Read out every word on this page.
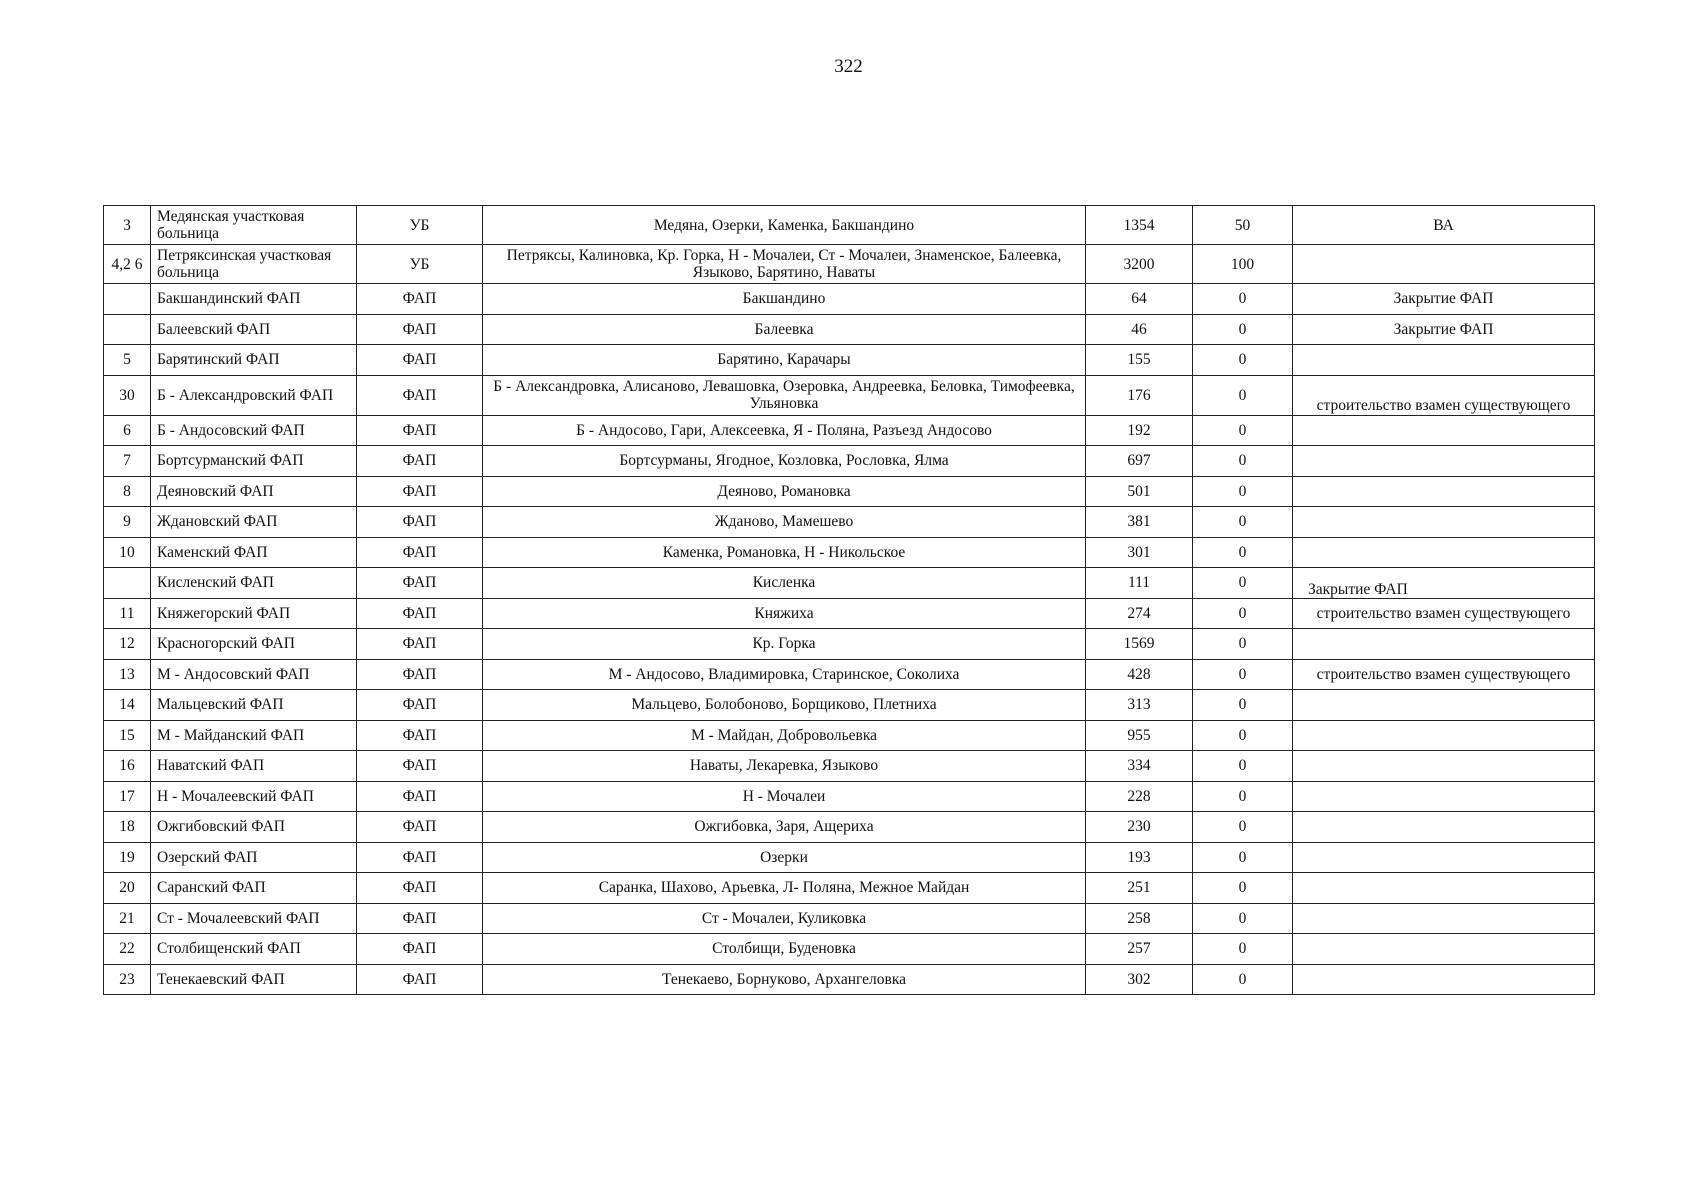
322
3	Медянская участковая больница	УБ	Медяна, Озерки, Каменка, Бакшандино	1354	50	ВА
4,2 6	Петряксинская участковая больница	УБ	Петряксы, Калиновка, Кр. Горка, Н - Мочалеи, Ст - Мочалеи, Знаменское, Балеевка, Языково, Барятино, Наваты	3200	100	
	Бакшандинский ФАП	ФАП	Бакшандино	64	0	Закрытие ФАП
	Балеевский ФАП	ФАП	Балеевка	46	0	Закрытие ФАП
5	Барятинский ФАП	ФАП	Барятино, Карачары	155	0	
30	Б - Александровский ФАП	ФАП	Б - Александровка, Алисаново, Левашовка, Озеровка, Андреевка, Беловка, Тимофеевка, Ульяновка	176	0	строительство взамен существующего
6	Б - Андосовский ФАП	ФАП	Б - Андосово, Гари, Алексеевка, Я - Поляна, Разъезд Андосово	192	0	
7	Бортсурманский ФАП	ФАП	Бортсурманы, Ягодное, Козловка, Рословка, Ялма	697	0	
8	Деяновский ФАП	ФАП	Деяново, Романовка	501	0	
9	Ждановский ФАП	ФАП	Жданово, Мамешево	381	0	
10	Каменский ФАП	ФАП	Каменка, Романовка, Н - Никольское	301	0	
	Кисленский ФАП	ФАП	Кисленка	111	0	Закрытие ФАП
11	Княжегорский ФАП	ФАП	Княжиха	274	0	строительство взамен существующего
12	Красногорский ФАП	ФАП	Кр. Горка	1569	0	
13	М - Андосовский ФАП	ФАП	М - Андосово, Владимировка, Старинское, Соколиха	428	0	строительство взамен существующего
14	Мальцевский ФАП	ФАП	Мальцево, Болобоново, Борщиково, Плетниха	313	0	
15	М - Майданский ФАП	ФАП	М - Майдан, Добровольевка	955	0	
16	Наватский ФАП	ФАП	Наваты, Лекаревка, Языково	334	0	
17	Н - Мочалеевский ФАП	ФАП	Н - Мочалеи	228	0	
18	Ожгибовский ФАП	ФАП	Ожгибовка, Заря, Ащериха	230	0	
19	Озерский ФАП	ФАП	Озерки	193	0	
20	Саранский ФАП	ФАП	Саранка, Шахово, Арьевка, Л- Поляна, Межное Майдан	251	0	
21	Ст - Мочалеевский ФАП	ФАП	Ст - Мочалеи, Куликовка	258	0	
22	Столбищенский ФАП	ФАП	Столбищи, Буденовка	257	0	
23	Тенекаевский ФАП	ФАП	Тенекаево, Борнуково, Архангеловка	302	0	
